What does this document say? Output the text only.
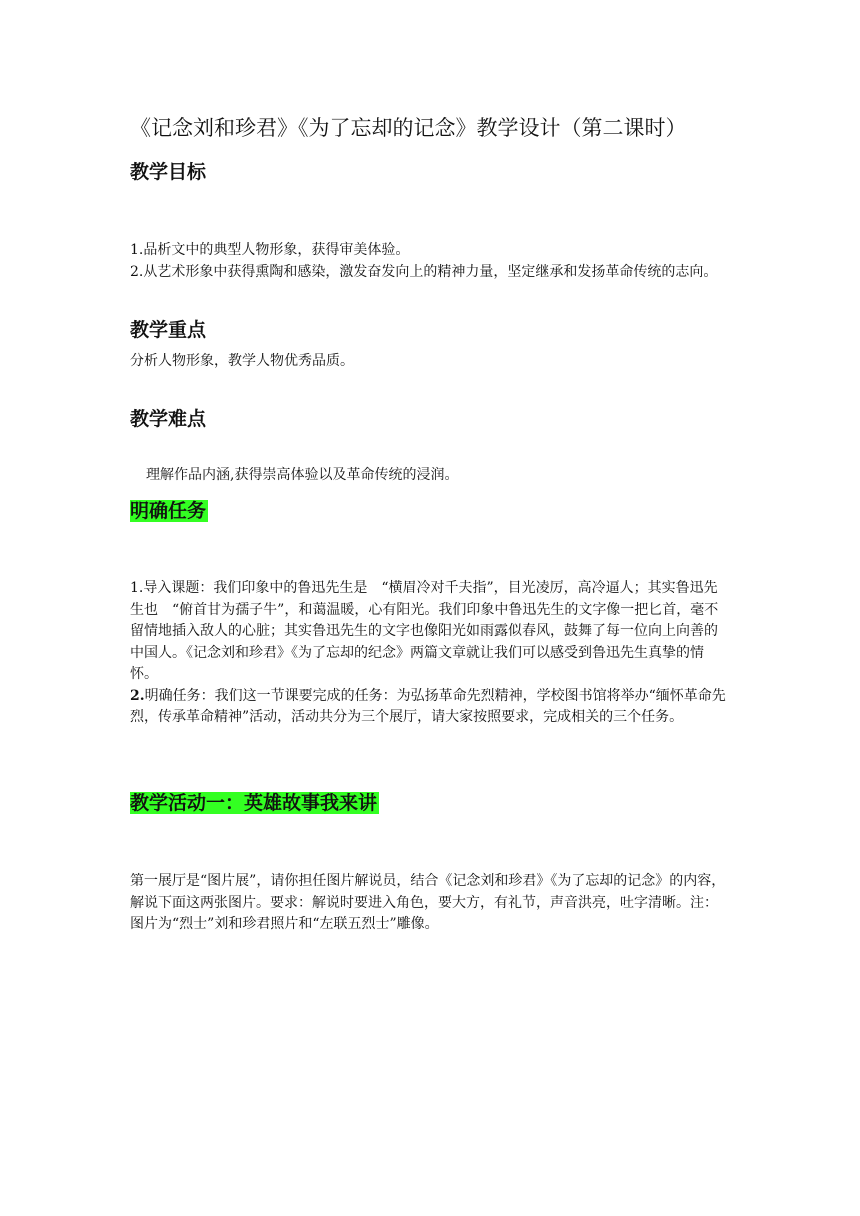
《记念刘和珍君》《为了忘却的记念》教学设计（第二课时）
教学目标
1.品析文中的典型人物形象，获得审美体验。
2.从艺术形象中获得熏陶和感染，激发奋发向上的精神力量，坚定继承和发扬革命传统的志向。
教学重点
分析人物形象，教学人物优秀品质。
教学难点
理解作品内涵,获得崇高体验以及革命传统的浸润。
明确任务
1.导入课题：我们印象中的鲁迅先生是　“横眉冷对千夫指”，目光凌厉，高冷逼人；其实鲁迅先生也　“俯首甘为孺子牛”，和蔼温暖，心有阳光。我们印象中鲁迅先生的文字像一把匕首，毫不留情地插入敌人的心脏；其实鲁迅先生的文字也像阳光如雨露似春风，鼓舞了每一位向上向善的中国人。《记念刘和珍君》《为了忘却的纪念》两篇文章就让我们可以感受到鲁迅先生真挚的情怀。
2.明确任务：我们这一节课要完成的任务：为弘扬革命先烈精神，学校图书馆将举办“缅怀革命先烈，传承革命精神”活动，活动共分为三个展厅，请大家按照要求，完成相关的三个任务。
教学活动一：英雄故事我来讲
第一展厅是“图片展”，请你担任图片解说员，结合《记念刘和珍君》《为了忘却的记念》的内容，解说下面这两张图片。要求：解说时要进入角色，要大方，有礼节，声音洪亮，吐字清晰。注：图片为“烈士”刘和珍君照片和“左联五烈士”雕像。
